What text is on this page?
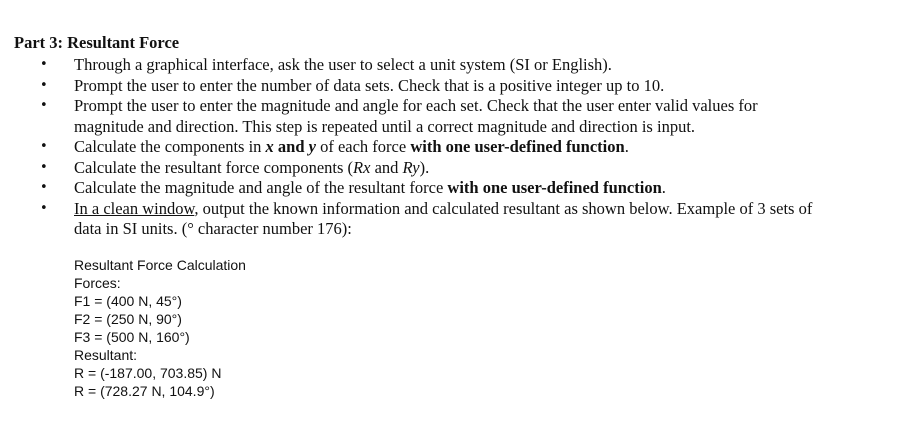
Part 3: Resultant Force
• Through a graphical interface, ask the user to select a unit system (SI or English).
• Prompt the user to enter the number of data sets. Check that is a positive integer up to 10.
• Prompt the user to enter the magnitude and angle for each set. Check that the user enter valid values for
magnitude and direction. This step is repeated until a correct magnitude and direction is input.
• Calculate the components in x and y of each force with one user-defined function.
• Calculate the resultant force components (Rx and Ry).
• Calculate the magnitude and angle of the resultant force with one user-defined function.
• In a clean window, output the known information and calculated resultant as shown below. Example of 3 sets of
data in SI units. (° character number 176):
Resultant Force Calculation
Forces:
F1 = (400 N, 45°)
F2 = (250 N, 90°)
F3 = (500 N, 160°)
Resultant:
R = (-187.00, 703.85) N
R = (728.27 N, 104.9°)
